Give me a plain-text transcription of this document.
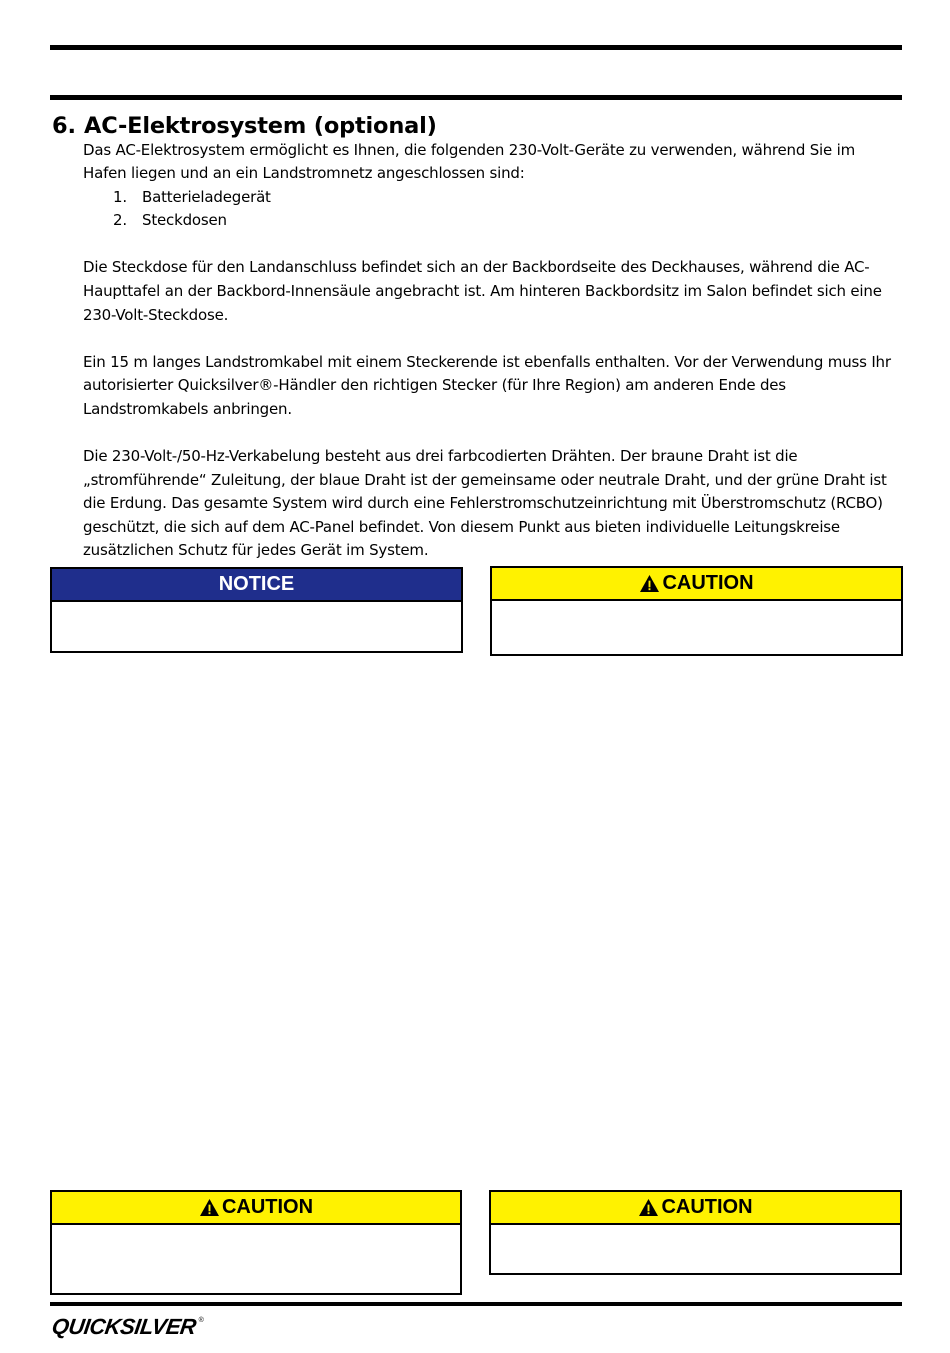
6. AC-Elektrosystem (optional)

Das AC-Elektrosystem ermöglicht es Ihnen, die folgenden 230-Volt-Geräte zu verwenden, während Sie im Hafen liegen und an ein Landstromnetz angeschlossen sind:

1.	Batterieladegerät
2.	Steckdosen

Die Steckdose für den Landanschluss befindet sich an der Backbordseite des Deckhauses, während die AC-Haupttafel an der Backbord-Innensäule angebracht ist. Am hinteren Backbordsitz im Salon befindet sich eine 230-Volt-Steckdose.

Ein 15 m langes Landstromkabel mit einem Steckerende ist ebenfalls enthalten. Vor der Verwendung muss Ihr autorisierter Quicksilver®-Händler den richtigen Stecker (für Ihre Region) am anderen Ende des Landstromkabels anbringen.

Die 230-Volt-/50-Hz-Verkabelung besteht aus drei farbcodierten Drähten. Der braune Draht ist die „stromführende“ Zuleitung, der blaue Draht ist der gemeinsame oder neutrale Draht, und der grüne Draht ist die Erdung. Das gesamte System wird durch eine Fehlerstromschutzeinrichtung mit Überstromschutz (RCBO) geschützt, die sich auf dem AC-Panel befindet. Von diesem Punkt aus bieten individuelle Leitungskreise zusätzlichen Schutz für jedes Gerät im System.

NOTICE	CAUTION
CAUTION	CAUTION
QUICKSILVER ®
